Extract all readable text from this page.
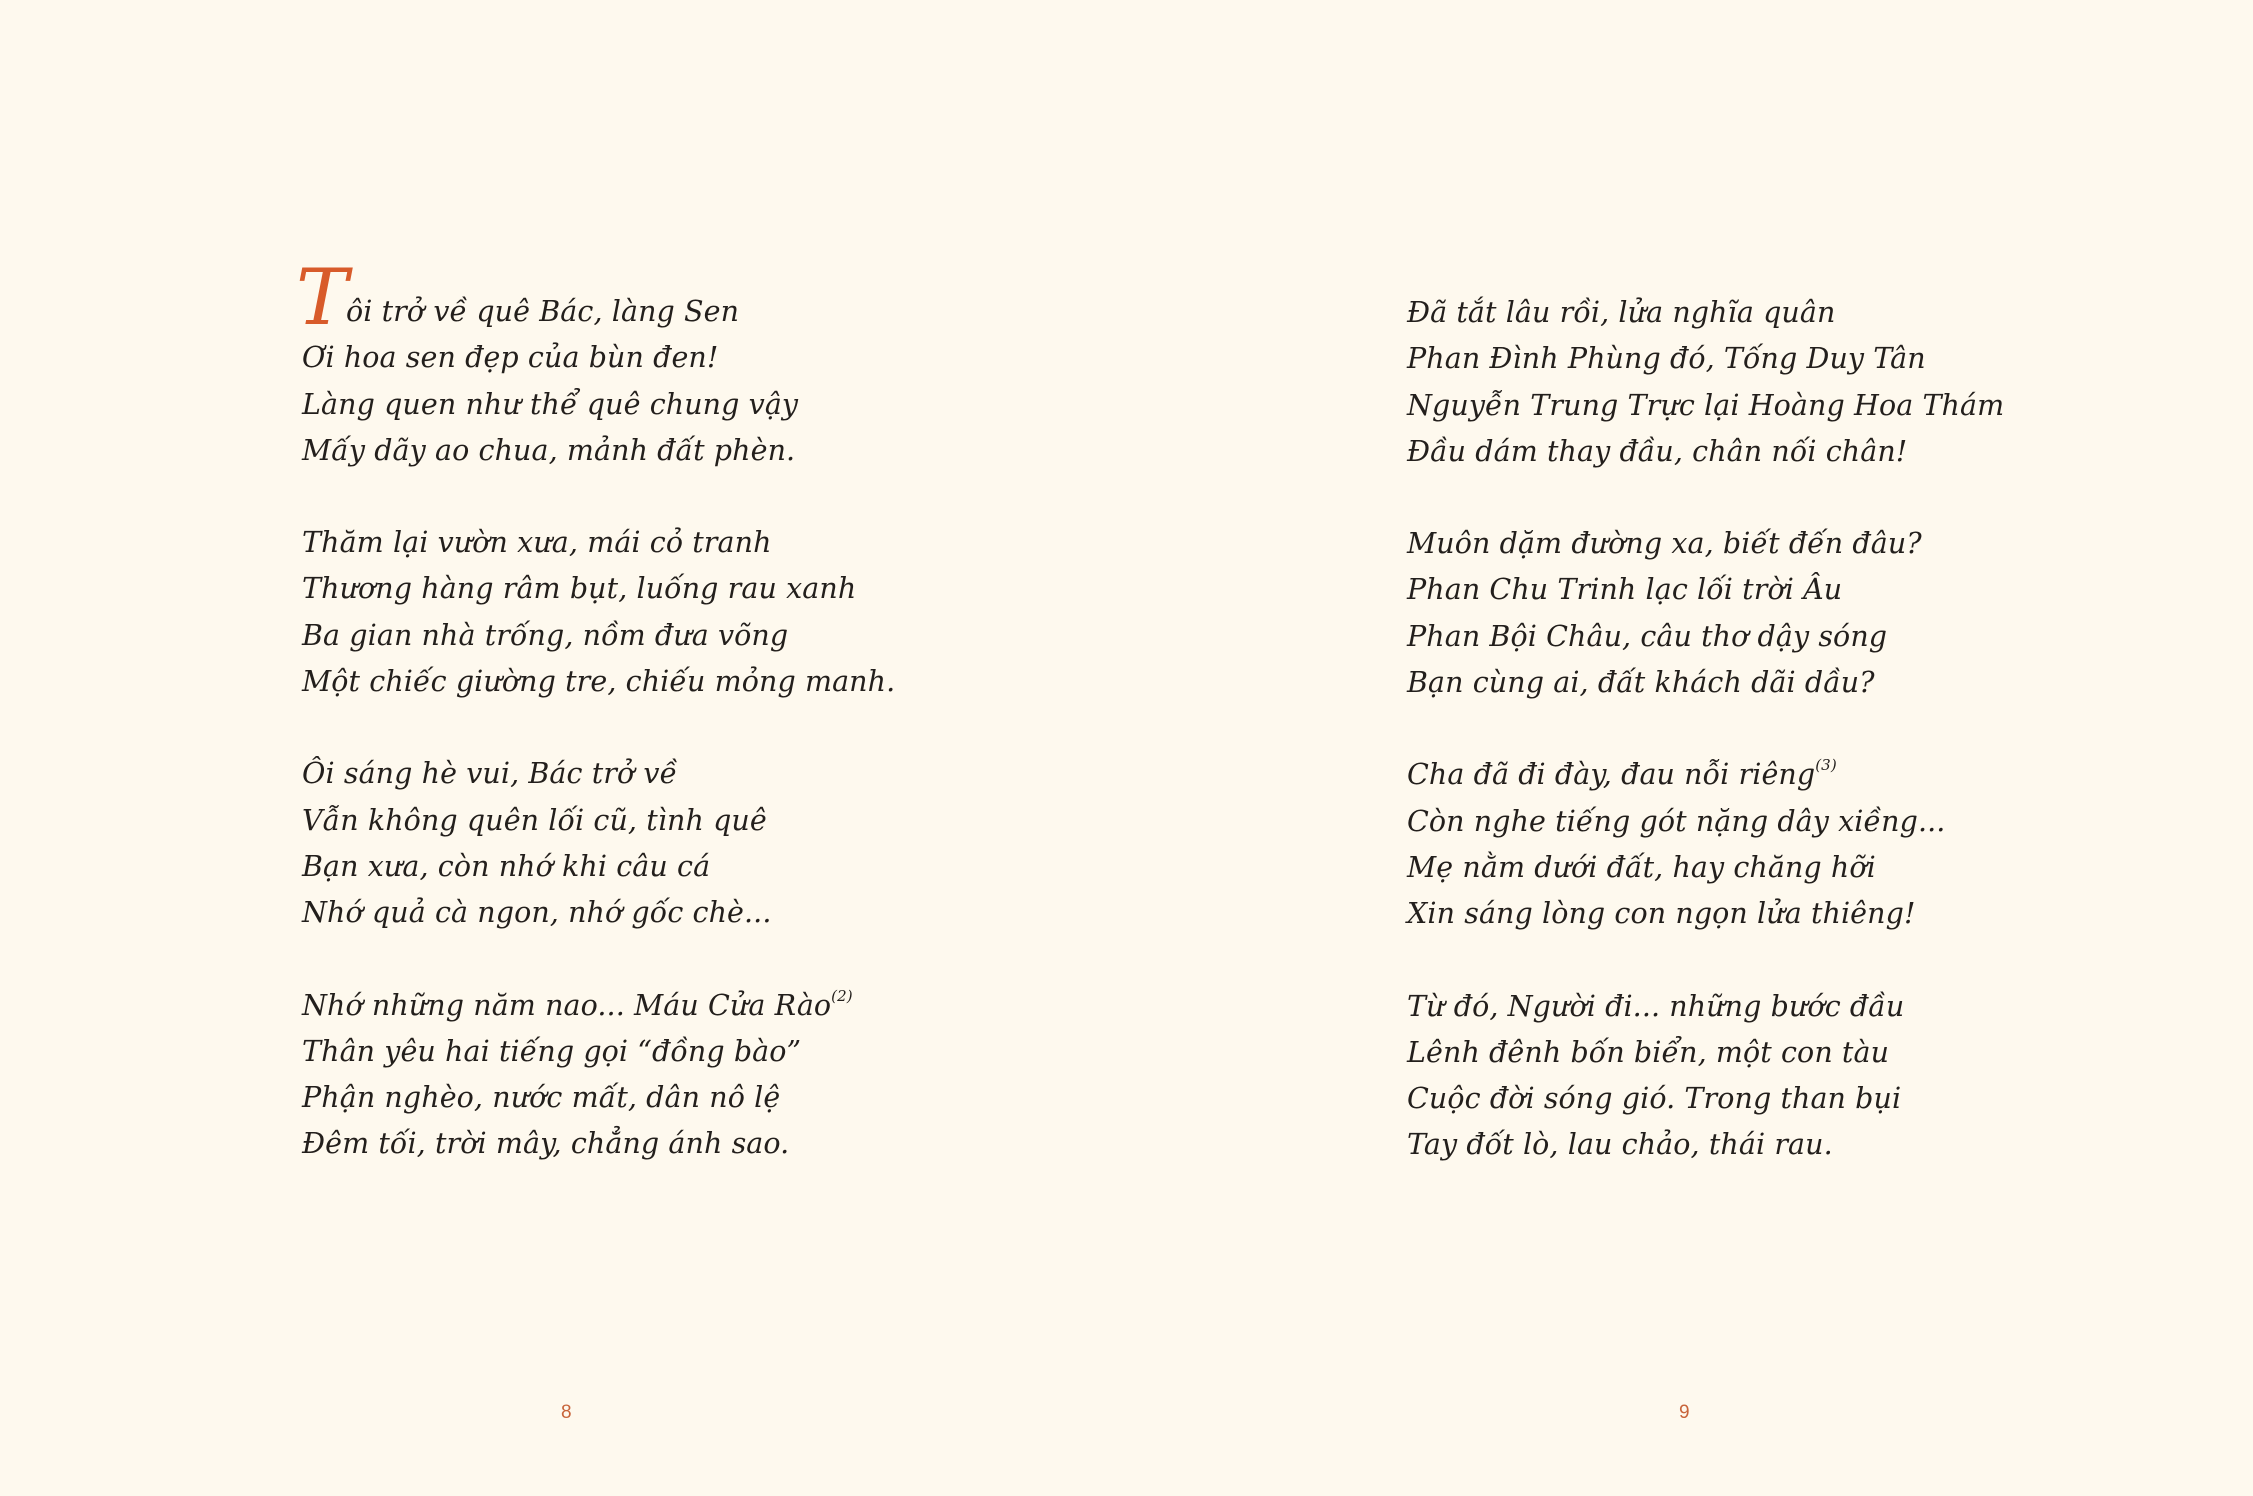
T
ôi trở về quê Bác, làng Sen
Ơi hoa sen đẹp của bùn đen!
Làng quen như thể quê chung vậy
Mấy dãy ao chua, mảnh đất phèn.
Thăm lại vườn xưa, mái cỏ tranh
Thương hàng râm bụt, luống rau xanh
Ba gian nhà trống, nồm đưa võng
Một chiếc giường tre, chiếu mỏng manh.
Ôi sáng hè vui, Bác trở về
Vẫn không quên lối cũ, tình quê
Bạn xưa, còn nhớ khi câu cá
Nhớ quả cà ngon, nhớ gốc chè...
Nhớ những năm nao... Máu Cửa Rào$^{(2)}$
Thân yêu hai tiếng gọi “đồng bào”
Phận nghèo, nước mất, dân nô lệ
Đêm tối, trời mây, chẳng ánh sao.
8
Đã tắt lâu rồi, lửa nghĩa quân
Phan Đình Phùng đó, Tống Duy Tân
Nguyễn Trung Trực lại Hoàng Hoa Thám
Đầu dám thay đầu, chân nối chân!
Muôn dặm đường xa, biết đến đâu?
Phan Chu Trinh lạc lối trời Âu
Phan Bội Châu, câu thơ dậy sóng
Bạn cùng ai, đất khách dãi dầu?
Cha đã đi đày, đau nỗi riêng$^{(3)}$
Còn nghe tiếng gót nặng dây xiềng...
Mẹ nằm dưới đất, hay chăng hỡi
Xin sáng lòng con ngọn lửa thiêng!
Từ đó, Người đi... những bước đầu
Lênh đênh bốn biển, một con tàu
Cuộc đời sóng gió. Trong than bụi
Tay đốt lò, lau chảo, thái rau.
9
